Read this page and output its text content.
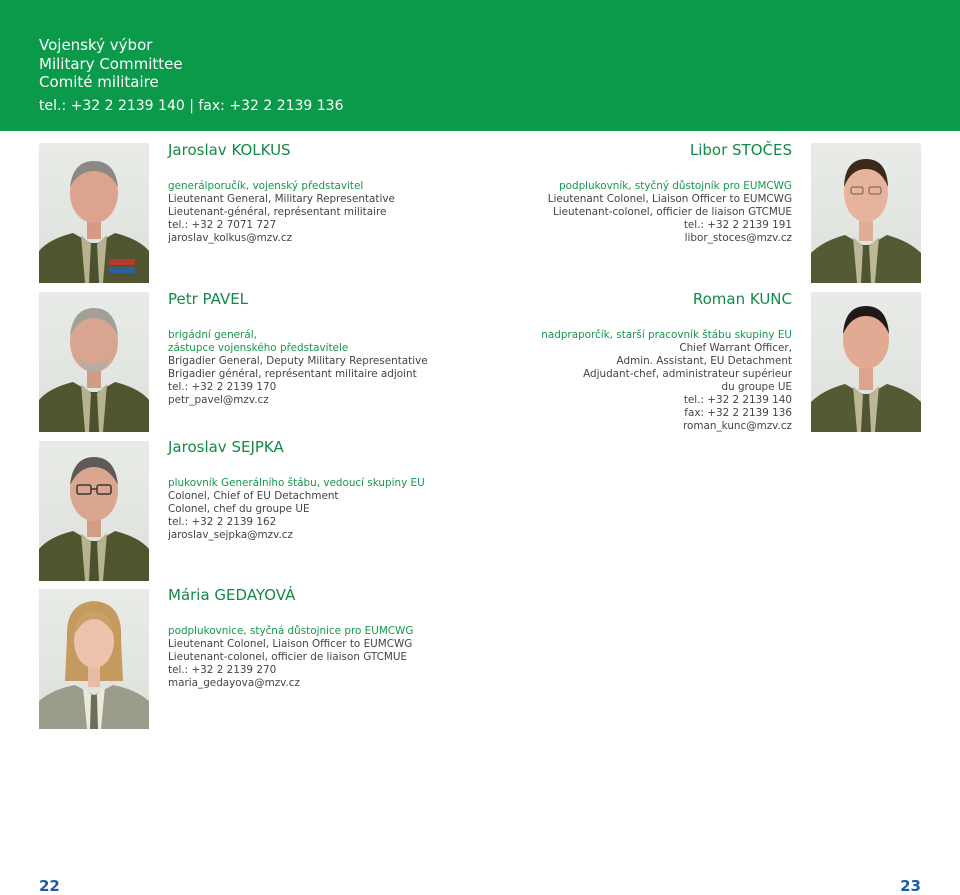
Vojenský výbor
Military Committee
Comité militaire
tel.: +32 2 2139 140 | fax: +32 2 2139 136
Jaroslav KOLKUS
generálporučík, vojenský představitel
Lieutenant General, Military Representative
Lieutenant-général, représentant militaire
tel.: +32 2 7071 727
jaroslav_kolkus@mzv.cz
Libor STOČES
podplukovník, styčný důstojník pro EUMCWG
Lieutenant Colonel, Liaison Officer to EUMCWG
Lieutenant-colonel, officier de liaison GTCMUE
tel.: +32 2 2139 191
libor_stoces@mzv.cz
Petr PAVEL
brigádní generál,
zástupce vojenského představitele
Brigadier General, Deputy Military Representative
Brigadier général, représentant militaire adjoint
tel.: +32 2 2139 170
petr_pavel@mzv.cz
Roman KUNC
nadpraporčík, starší pracovník štábu skupiny EU
Chief Warrant Officer,
Admin. Assistant, EU Detachment
Adjudant-chef, administrateur supérieur
du groupe UE
tel.: +32 2 2139 140
fax: +32 2 2139 136
roman_kunc@mzv.cz
Jaroslav SEJPKA
plukovník Generálního štábu, vedoucí skupiny EU
Colonel, Chief of EU Detachment
Colonel, chef du groupe UE
tel.: +32 2 2139 162
jaroslav_sejpka@mzv.cz
Mária GEDAYOVÁ
podplukovnice, styčná důstojnice pro EUMCWG
Lieutenant Colonel, Liaison Officer to EUMCWG
Lieutenant-colonel, officier de liaison GTCMUE
tel.: +32 2 2139 270
maria_gedayova@mzv.cz
22	23
